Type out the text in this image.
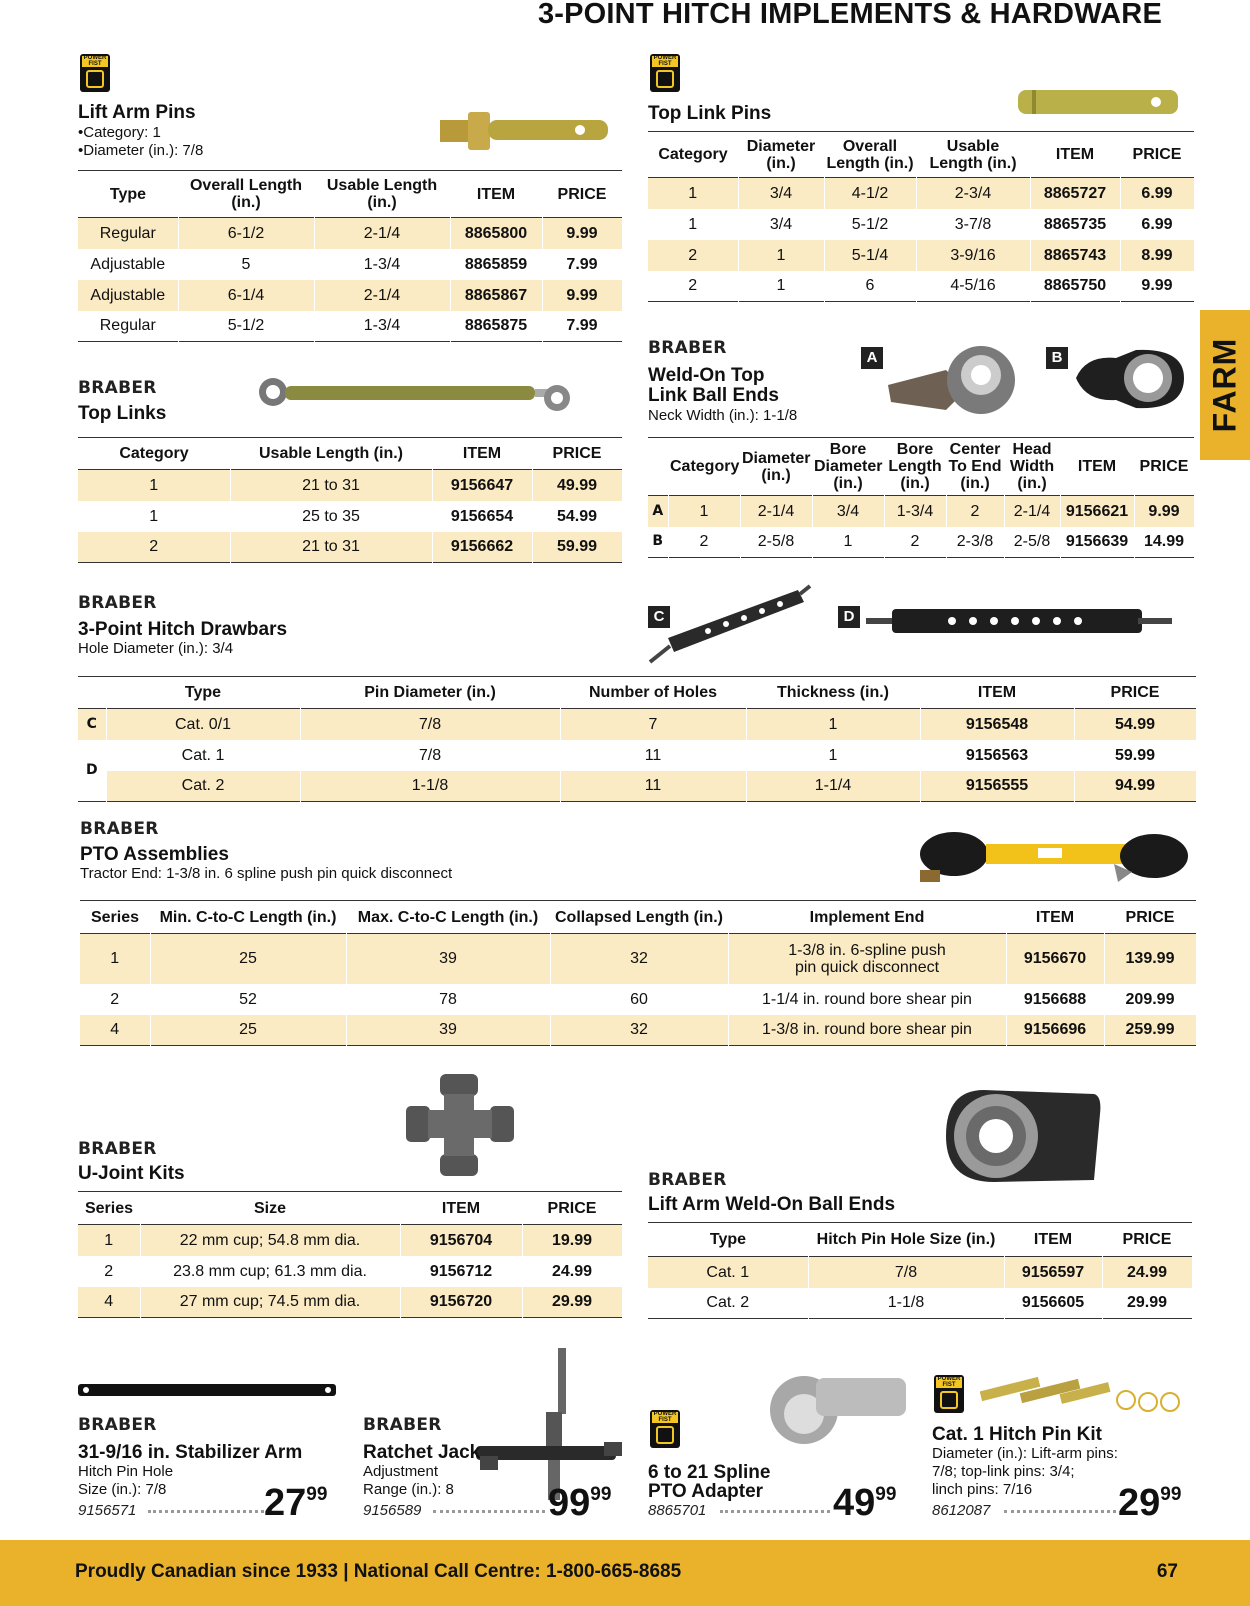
3-POINT HITCH IMPLEMENTS & HARDWARE
FARM
POWER FIST
Lift Arm Pins
•Category: 1
•Diameter (in.): 7/8
Type	Overall Length (in.)	Usable Length (in.)	ITEM	PRICE
Regular	6-1/2	2-1/4	8865800	9.99
Adjustable	5	1-3/4	8865859	7.99
Adjustable	6-1/4	2-1/4	8865867	9.99
Regular	5-1/2	1-3/4	8865875	7.99
POWER FIST
Top Link Pins
Category	Diameter (in.)	Overall Length (in.)	Usable Length (in.)	ITEM	PRICE
1	3/4	4-1/2	2-3/4	8865727	6.99
1	3/4	5-1/2	3-7/8	8865735	6.99
2	1	5-1/4	3-9/16	8865743	8.99
2	1	6	4-5/16	8865750	9.99
BRABER
Top Links
Category	Usable Length (in.)	ITEM	PRICE
1	21 to 31	9156647	49.99
1	25 to 35	9156654	54.99
2	21 to 31	9156662	59.99
BRABER
Weld-On Top
Link Ball Ends
Neck Width (in.): 1-1/8
A	B
	Category	Diameter (in.)	Bore Diameter (in.)	Bore Length (in.)	Center To End (in.)	Head Width (in.)	ITEM	PRICE
A	1	2-1/4	3/4	1-3/4	2	2-1/4	9156621	9.99
B	2	2-5/8	1	2	2-3/8	2-5/8	9156639	14.99
BRABER
3-Point Hitch Drawbars
Hole Diameter (in.): 3/4
C	D
	Type	Pin Diameter (in.)	Number of Holes	Thickness (in.)	ITEM	PRICE
C	Cat. 0/1	7/8	7	1	9156548	54.99
D	Cat. 1	7/8	11	1	9156563	59.99
	Cat. 2	1-1/8	11	1-1/4	9156555	94.99
BRABER
PTO Assemblies
Tractor End: 1-3/8 in. 6 spline push pin quick disconnect
Series	Min. C-to-C Length (in.)	Max. C-to-C Length (in.)	Collapsed Length (in.)	Implement End	ITEM	PRICE
1	25	39	32	1-3/8 in. 6-spline push pin quick disconnect	9156670	139.99
2	52	78	60	1-1/4 in. round bore shear pin	9156688	209.99
4	25	39	32	1-3/8 in. round bore shear pin	9156696	259.99
BRABER
U-Joint Kits
Series	Size	ITEM	PRICE
1	22 mm cup; 54.8 mm dia.	9156704	19.99
2	23.8 mm cup; 61.3 mm dia.	9156712	24.99
4	27 mm cup; 74.5 mm dia.	9156720	29.99
BRABER
Lift Arm Weld-On Ball Ends
Type	Hitch Pin Hole Size (in.)	ITEM	PRICE
Cat. 1	7/8	9156597	24.99
Cat. 2	1-1/8	9156605	29.99
BRABER
31-9/16 in. Stabilizer Arm
Hitch Pin Hole
Size (in.): 7/8
9156571	$27^{99}$
BRABER
Ratchet Jack
Adjustment
Range (in.): 8
9156589	$99^{99}$
POWER FIST
6 to 21 Spline
PTO Adapter
8865701	$49^{99}$
POWER FIST
Cat. 1 Hitch Pin Kit
Diameter (in.): Lift-arm pins:
7/8; top-link pins: 3/4;
linch pins: 7/16
8612087	$29^{99}$
Proudly Canadian since 1933 | National Call Centre: 1-800-665-8685	67
